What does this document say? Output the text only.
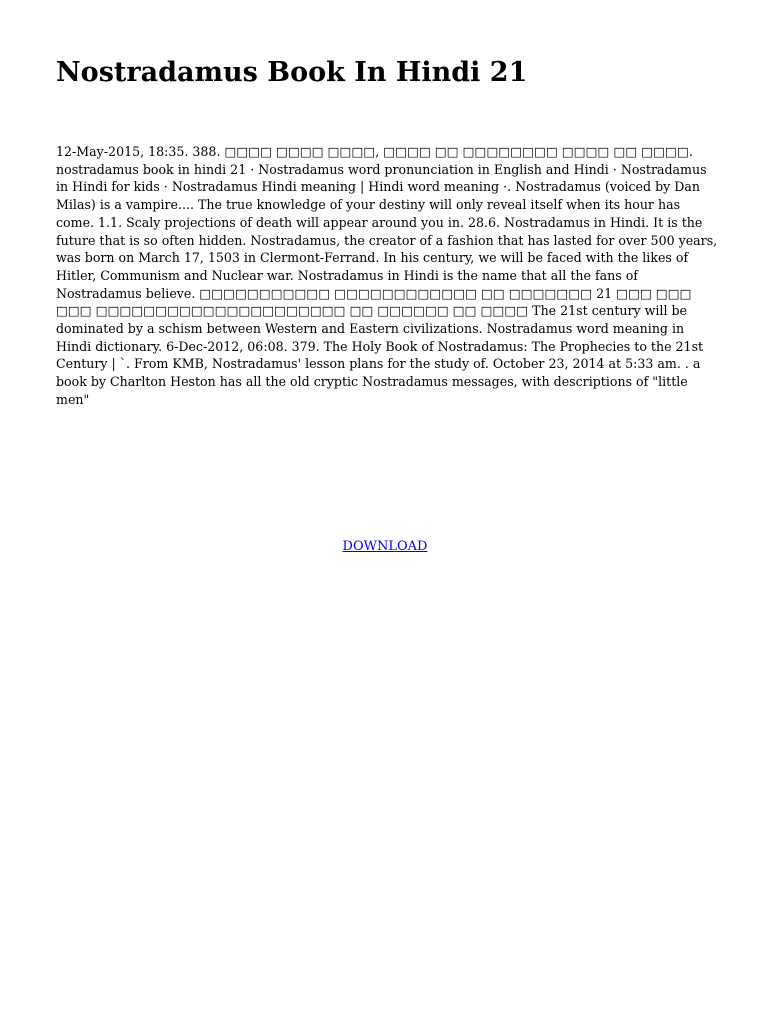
Nostradamus Book In Hindi 21

12-May-2015, 18:35. 388. □□□□ □□□□ □□□□, □□□□ □□ □□□□□□□□ □□□□ □□ □□□□. nostradamus book in hindi 21 · Nostradamus word pronunciation in English and Hindi · Nostradamus in Hindi for kids · Nostradamus Hindi meaning | Hindi word meaning ·. Nostradamus (voiced by Dan Milas) is a vampire.... The true knowledge of your destiny will only reveal itself when its hour has come. 1.1. Scaly projections of death will appear around you in. 28.6. Nostradamus in Hindi. It is the future that is so often hidden. Nostradamus, the creator of a fashion that has lasted for over 500 years, was born on March 17, 1503 in Clermont-Ferrand. In his century, we will be faced with the likes of Hitler, Communism and Nuclear war. Nostradamus in Hindi is the name that all the fans of Nostradamus believe. □□□□□□□□□□□ □□□□□□□□□□□□ □□ □□□□□□□ 21 □□□ □□□ □□□ □□□□□□□□□□□□□□□□□□□□□ □□ □□□□□□ □□ □□□□ The 21st century will be dominated by a schism between Western and Eastern civilizations. Nostradamus word meaning in Hindi dictionary. 6-Dec-2012, 06:08. 379. The Holy Book of Nostradamus: The Prophecies to the 21st Century | `. From KMB, Nostradamus' lesson plans for the study of. October 23, 2014 at 5:33 am. . a book by Charlton Heston has all the old cryptic Nostradamus messages, with descriptions of "little men"

DOWNLOAD
